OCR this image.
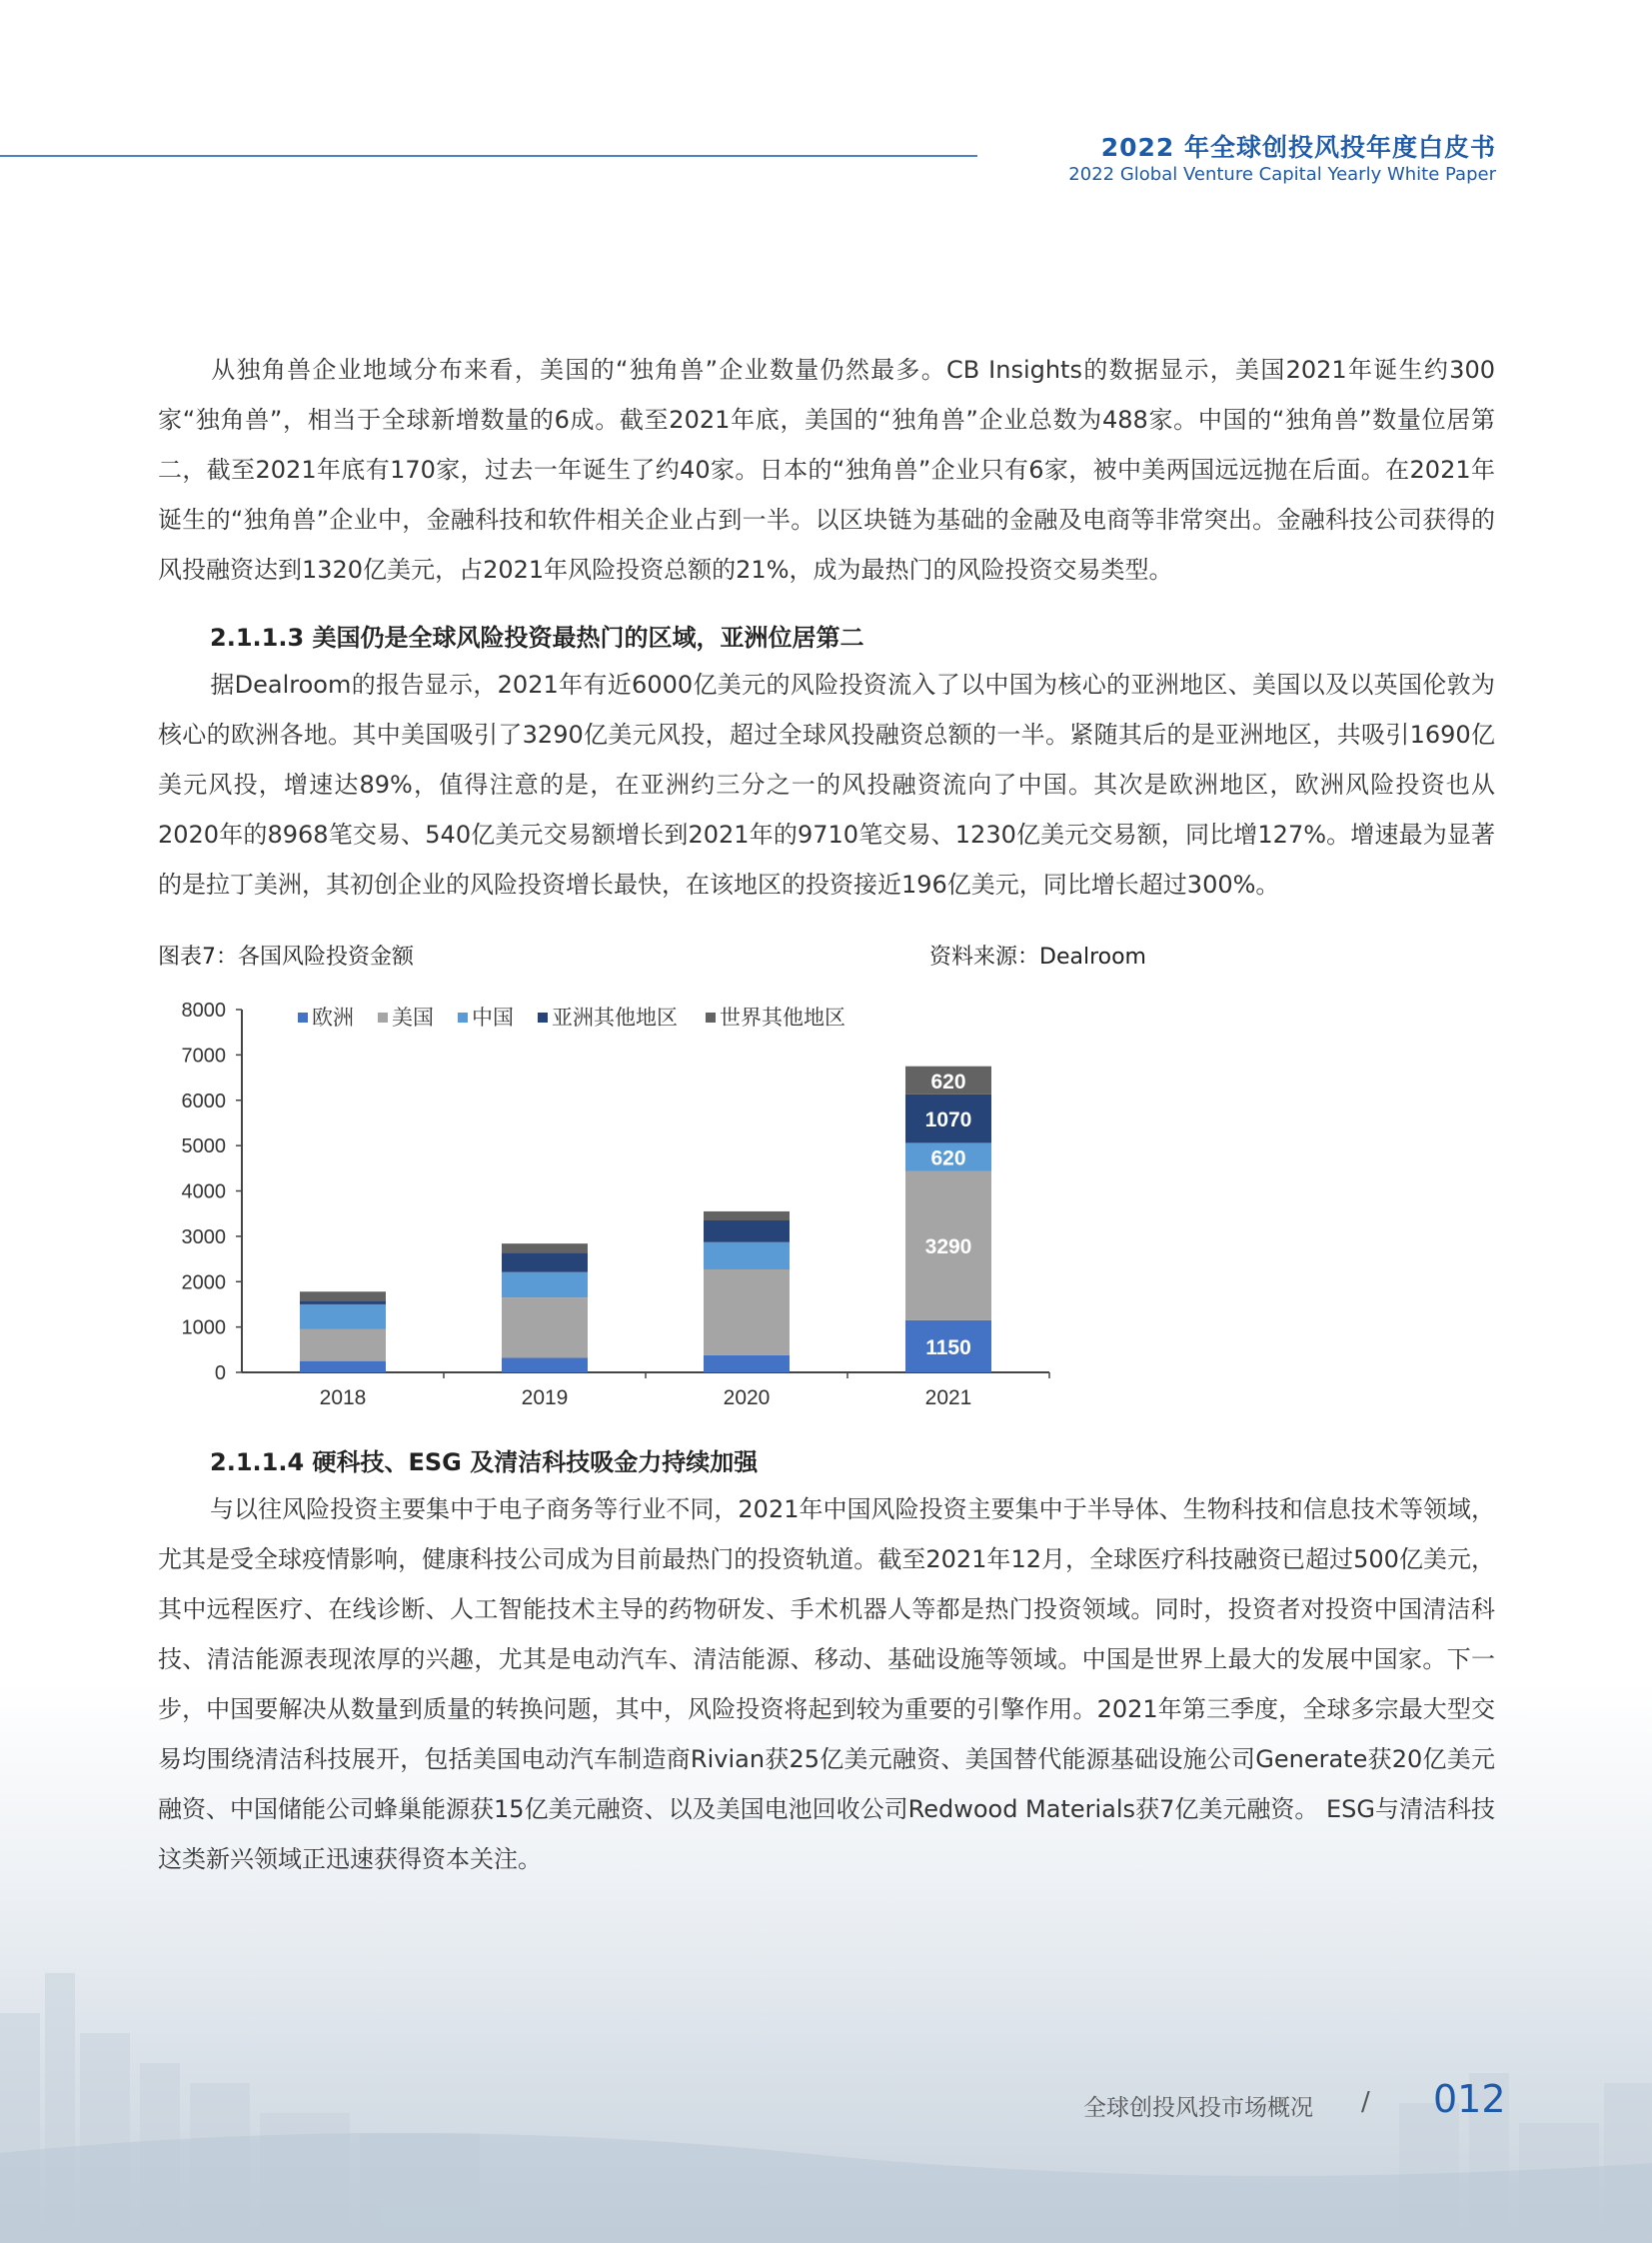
2022 年全球创投风投年度白皮书
2022 Global Venture Capital Yearly White Paper

从独角兽企业地域分布来看，美国的“独角兽”企业数量仍然最多。CB Insights的数据显示，美国2021年诞生约300家“独角兽”，相当于全球新增数量的6成。截至2021年底，美国的“独角兽”企业总数为488家。中国的“独角兽”数量位居第二，截至2021年底有170家，过去一年诞生了约40家。日本的“独角兽”企业只有6家，被中美两国远远抛在后面。在2021年诞生的“独角兽”企业中，金融科技和软件相关企业占到一半。以区块链为基础的金融及电商等非常突出。金融科技公司获得的风投融资达到1320亿美元，占2021年风险投资总额的21%，成为最热门的风险投资交易类型。

2.1.1.3 美国仍是全球风险投资最热门的区域，亚洲位居第二

据Dealroom的报告显示，2021年有近6000亿美元的风险投资流入了以中国为核心的亚洲地区、美国以及以英国伦敦为核心的欧洲各地。其中美国吸引了3290亿美元风投，超过全球风投融资总额的一半。紧随其后的是亚洲地区，共吸引1690亿美元风投，增速达89%，值得注意的是，在亚洲约三分之一的风投融资流向了中国。其次是欧洲地区，欧洲风险投资也从2020年的8968笔交易、540亿美元交易额增长到2021年的9710笔交易、1230亿美元交易额，同比增127%。增速最为显著的是拉丁美洲，其初创企业的风险投资增长最快，在该地区的投资接近196亿美元，同比增长超过300%。

图表7：各国风险投资金额	资料来源：Dealroom
0
1000
2000
3000
4000
5000
6000
7000
8000
2018	2019	2020
1150
3290
620
1070
620
2021
欧洲 美国 中国 亚洲其他地区 世界其他地区
2.1.1.4 硬科技、ESG 及清洁科技吸金力持续加强

与以往风险投资主要集中于电子商务等行业不同，2021年中国风险投资主要集中于半导体、生物科技和信息技术等领域，尤其是受全球疫情影响，健康科技公司成为目前最热门的投资轨道。截至2021年12月，全球医疗科技融资已超过500亿美元，其中远程医疗、在线诊断、人工智能技术主导的药物研发、手术机器人等都是热门投资领域。同时，投资者对投资中国清洁科技、清洁能源表现浓厚的兴趣，尤其是电动汽车、清洁能源、移动、基础设施等领域。中国是世界上最大的发展中国家。下一步，中国要解决从数量到质量的转换问题，其中，风险投资将起到较为重要的引擎作用。2021年第三季度，全球多宗最大型交易均围绕清洁科技展开，包括美国电动汽车制造商Rivian获25亿美元融资、美国替代能源基础设施公司Generate获20亿美元 融资、中国储能公司蜂巢能源获15亿美元融资、以及美国电池回收公司Redwood Materials获7亿美元融资。 ESG与清洁科技这类新兴领域正迅速获得资本关注。

全球创投风投市场概况 / 012
